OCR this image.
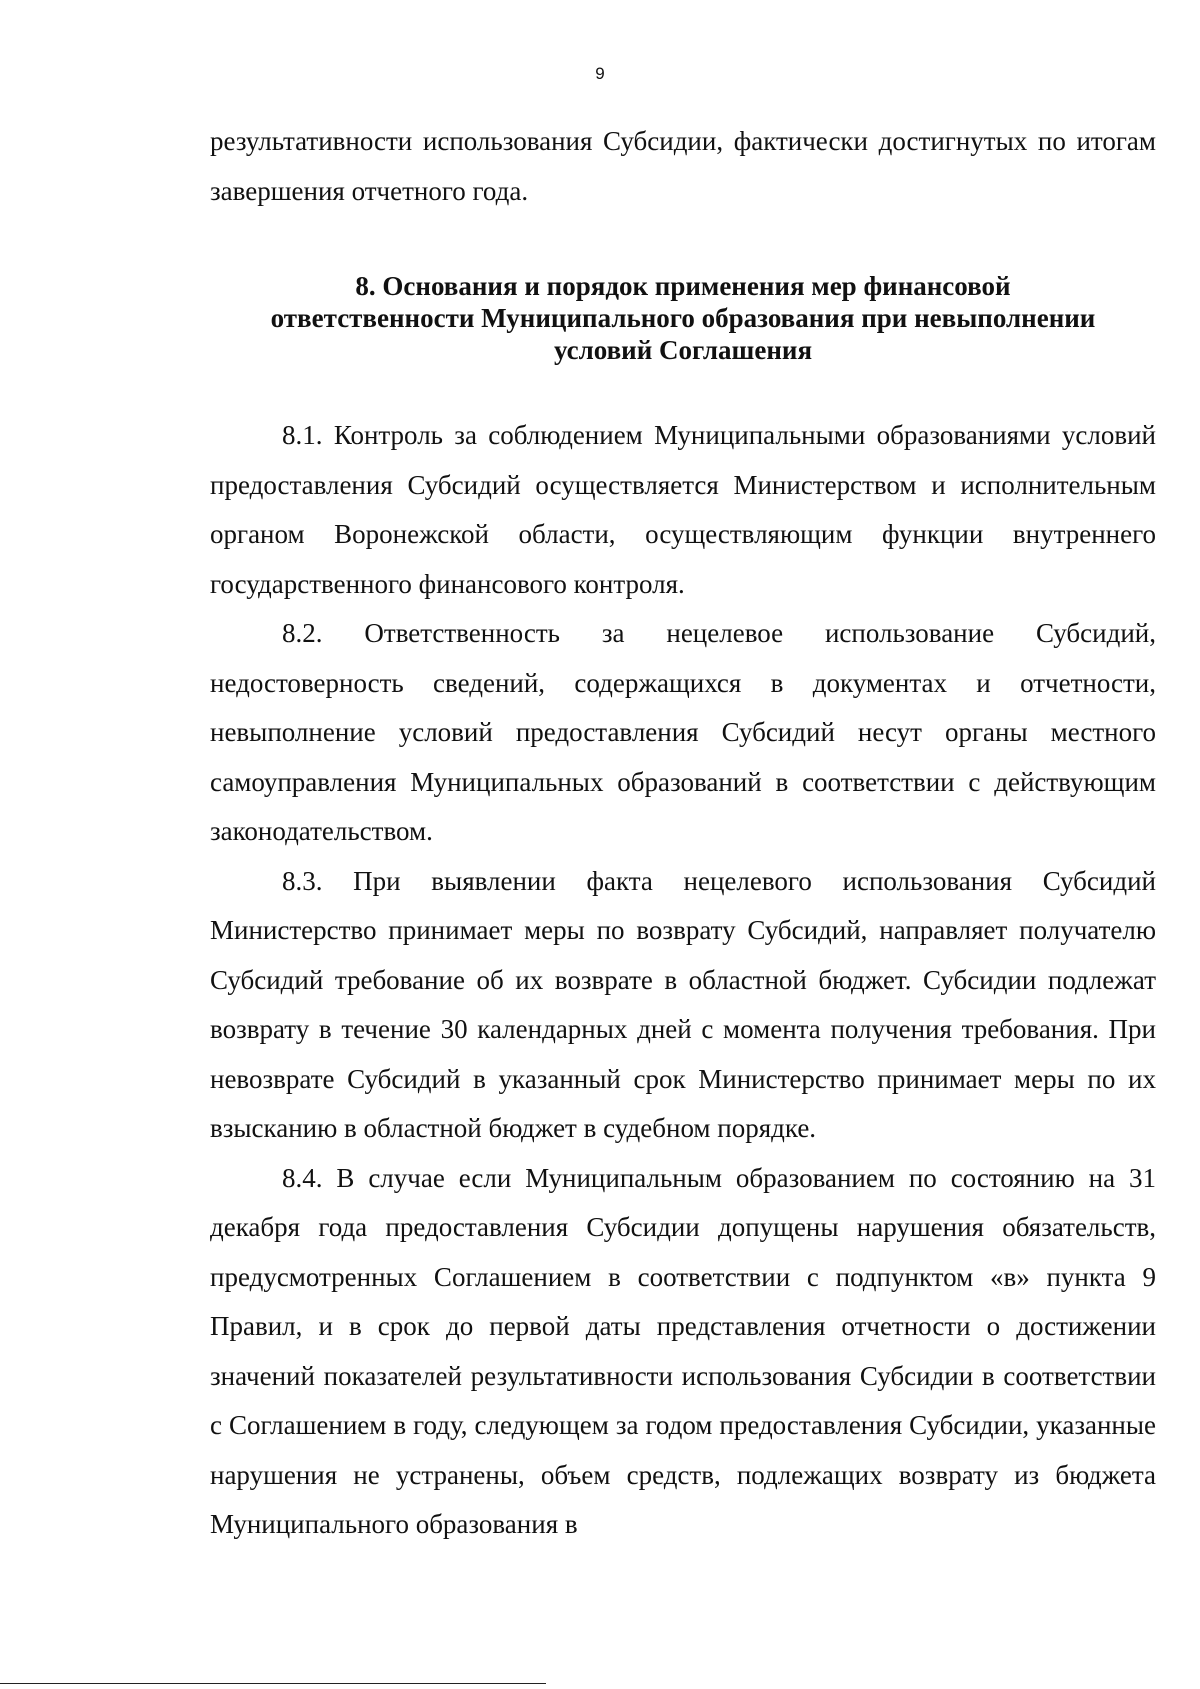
9

результативности использования Субсидии, фактически достигнутых по итогам завершения отчетного года.

8. Основания и порядок применения мер финансовой
ответственности Муниципального образования при невыполнении
условий Соглашения

8.1. Контроль за соблюдением Муниципальными образованиями условий предоставления Субсидий осуществляется Министерством и исполнительным органом Воронежской области, осуществляющим функции внутреннего государственного финансового контроля.

8.2. Ответственность за нецелевое использование Субсидий, недостоверность сведений, содержащихся в документах и отчетности, невыполнение условий предоставления Субсидий несут органы местного самоуправления Муниципальных образований в соответствии с действующим законодательством.

8.3. При выявлении факта нецелевого использования Субсидий Министерство принимает меры по возврату Субсидий, направляет получателю Субсидий требование об их возврате в областной бюджет. Субсидии подлежат возврату в течение 30 календарных дней с момента получения требования. При невозврате Субсидий в указанный срок Министерство принимает меры по их взысканию в областной бюджет в судебном порядке.

8.4. В случае если Муниципальным образованием по состоянию на 31 декабря года предоставления Субсидии допущены нарушения обязательств, предусмотренных Соглашением в соответствии с подпунктом «в» пункта 9 Правил, и в срок до первой даты представления отчетности о достижении значений показателей результативности использования Субсидии в соответствии с Соглашением в году, следующем за годом предоставления Субсидии, указанные нарушения не устранены, объем средств, подлежащих возврату из бюджета Муниципального образования в
